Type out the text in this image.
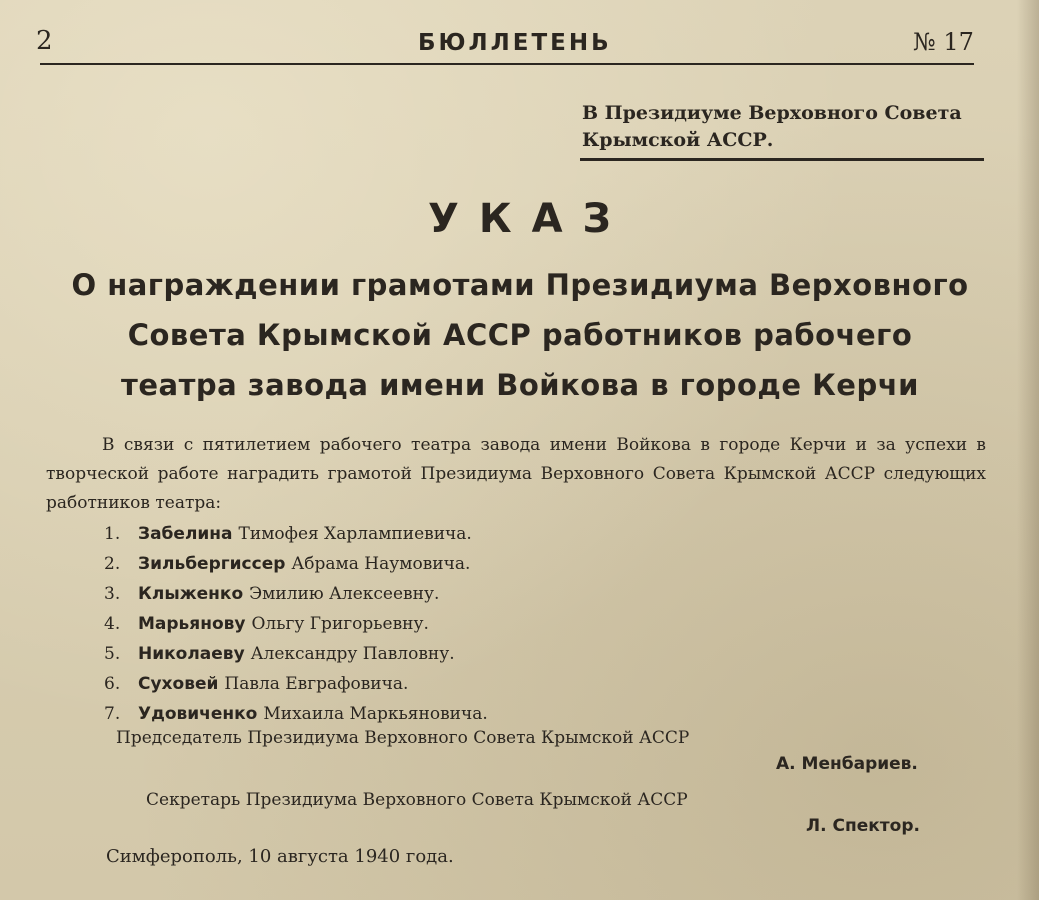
2	БЮЛЛЕТЕНЬ	№ 17
В Президиуме Верховного Совета
Крымской АССР.
УКАЗ
О награждении грамотами Президиума Верховного
Совета Крымской АССР работников рабочего
театра завода имени Войкова в городе Керчи
В связи с пятилетием рабочего театра завода имени Войкова в городе Керчи и за успехи в творческой работе наградить грамотой Президиума Верховного Совета Крымской АССР следующих работников театра:
1. Забелина Тимофея Харлампиевича.
2. Зильбергиссер Абрама Наумовича.
3. Клыженко Эмилию Алексеевну.
4. Марьянову Ольгу Григорьевну.
5. Николаеву Александру Павловну.
6. Суховей Павла Евграфовича.
7. Удовиченко Михаила Маркьяновича.
Председатель Президиума Верховного Совета Крымской АССР
А. Менбариев.
Секретарь Президиума Верховного Совета Крымской АССР
Л. Спектор.
Симферополь, 10 августа 1940 года.
